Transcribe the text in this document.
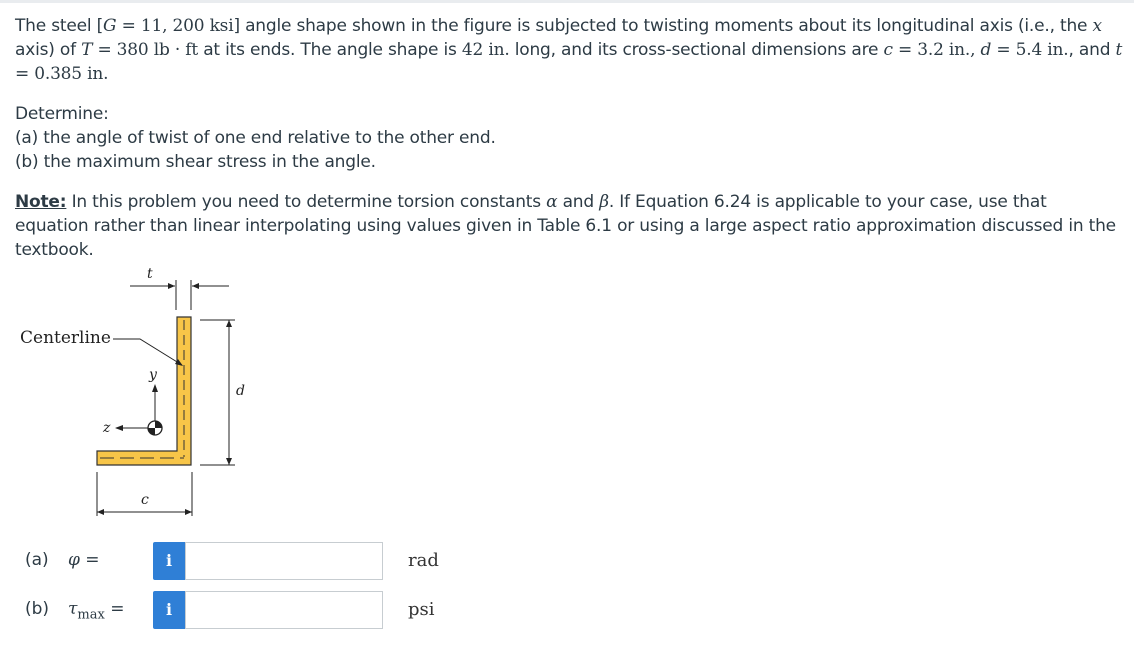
The steel [G = 11, 200 ksi] angle shape shown in the figure is subjected to twisting moments about its longitudinal axis (i.e., the x axis) of T = 380 lb · ft at its ends. The angle shape is 42 in. long, and its cross-sectional dimensions are c = 3.2 in., d = 5.4 in., and t = 0.385 in.

Determine:

(a) the angle of twist of one end relative to the other end.

(b) the maximum shear stress in the angle.

Note: In this problem you need to determine torsion constants α and β. If Equation 6.24 is applicable to your case, use that equation rather than linear interpolating using values given in Table 6.1 or using a large aspect ratio approximation discussed in the textbook.

t
Centerline
y
z
d
c
(a) φ =	i	rad
(b) $\tau_{max}$ =	i	psi
